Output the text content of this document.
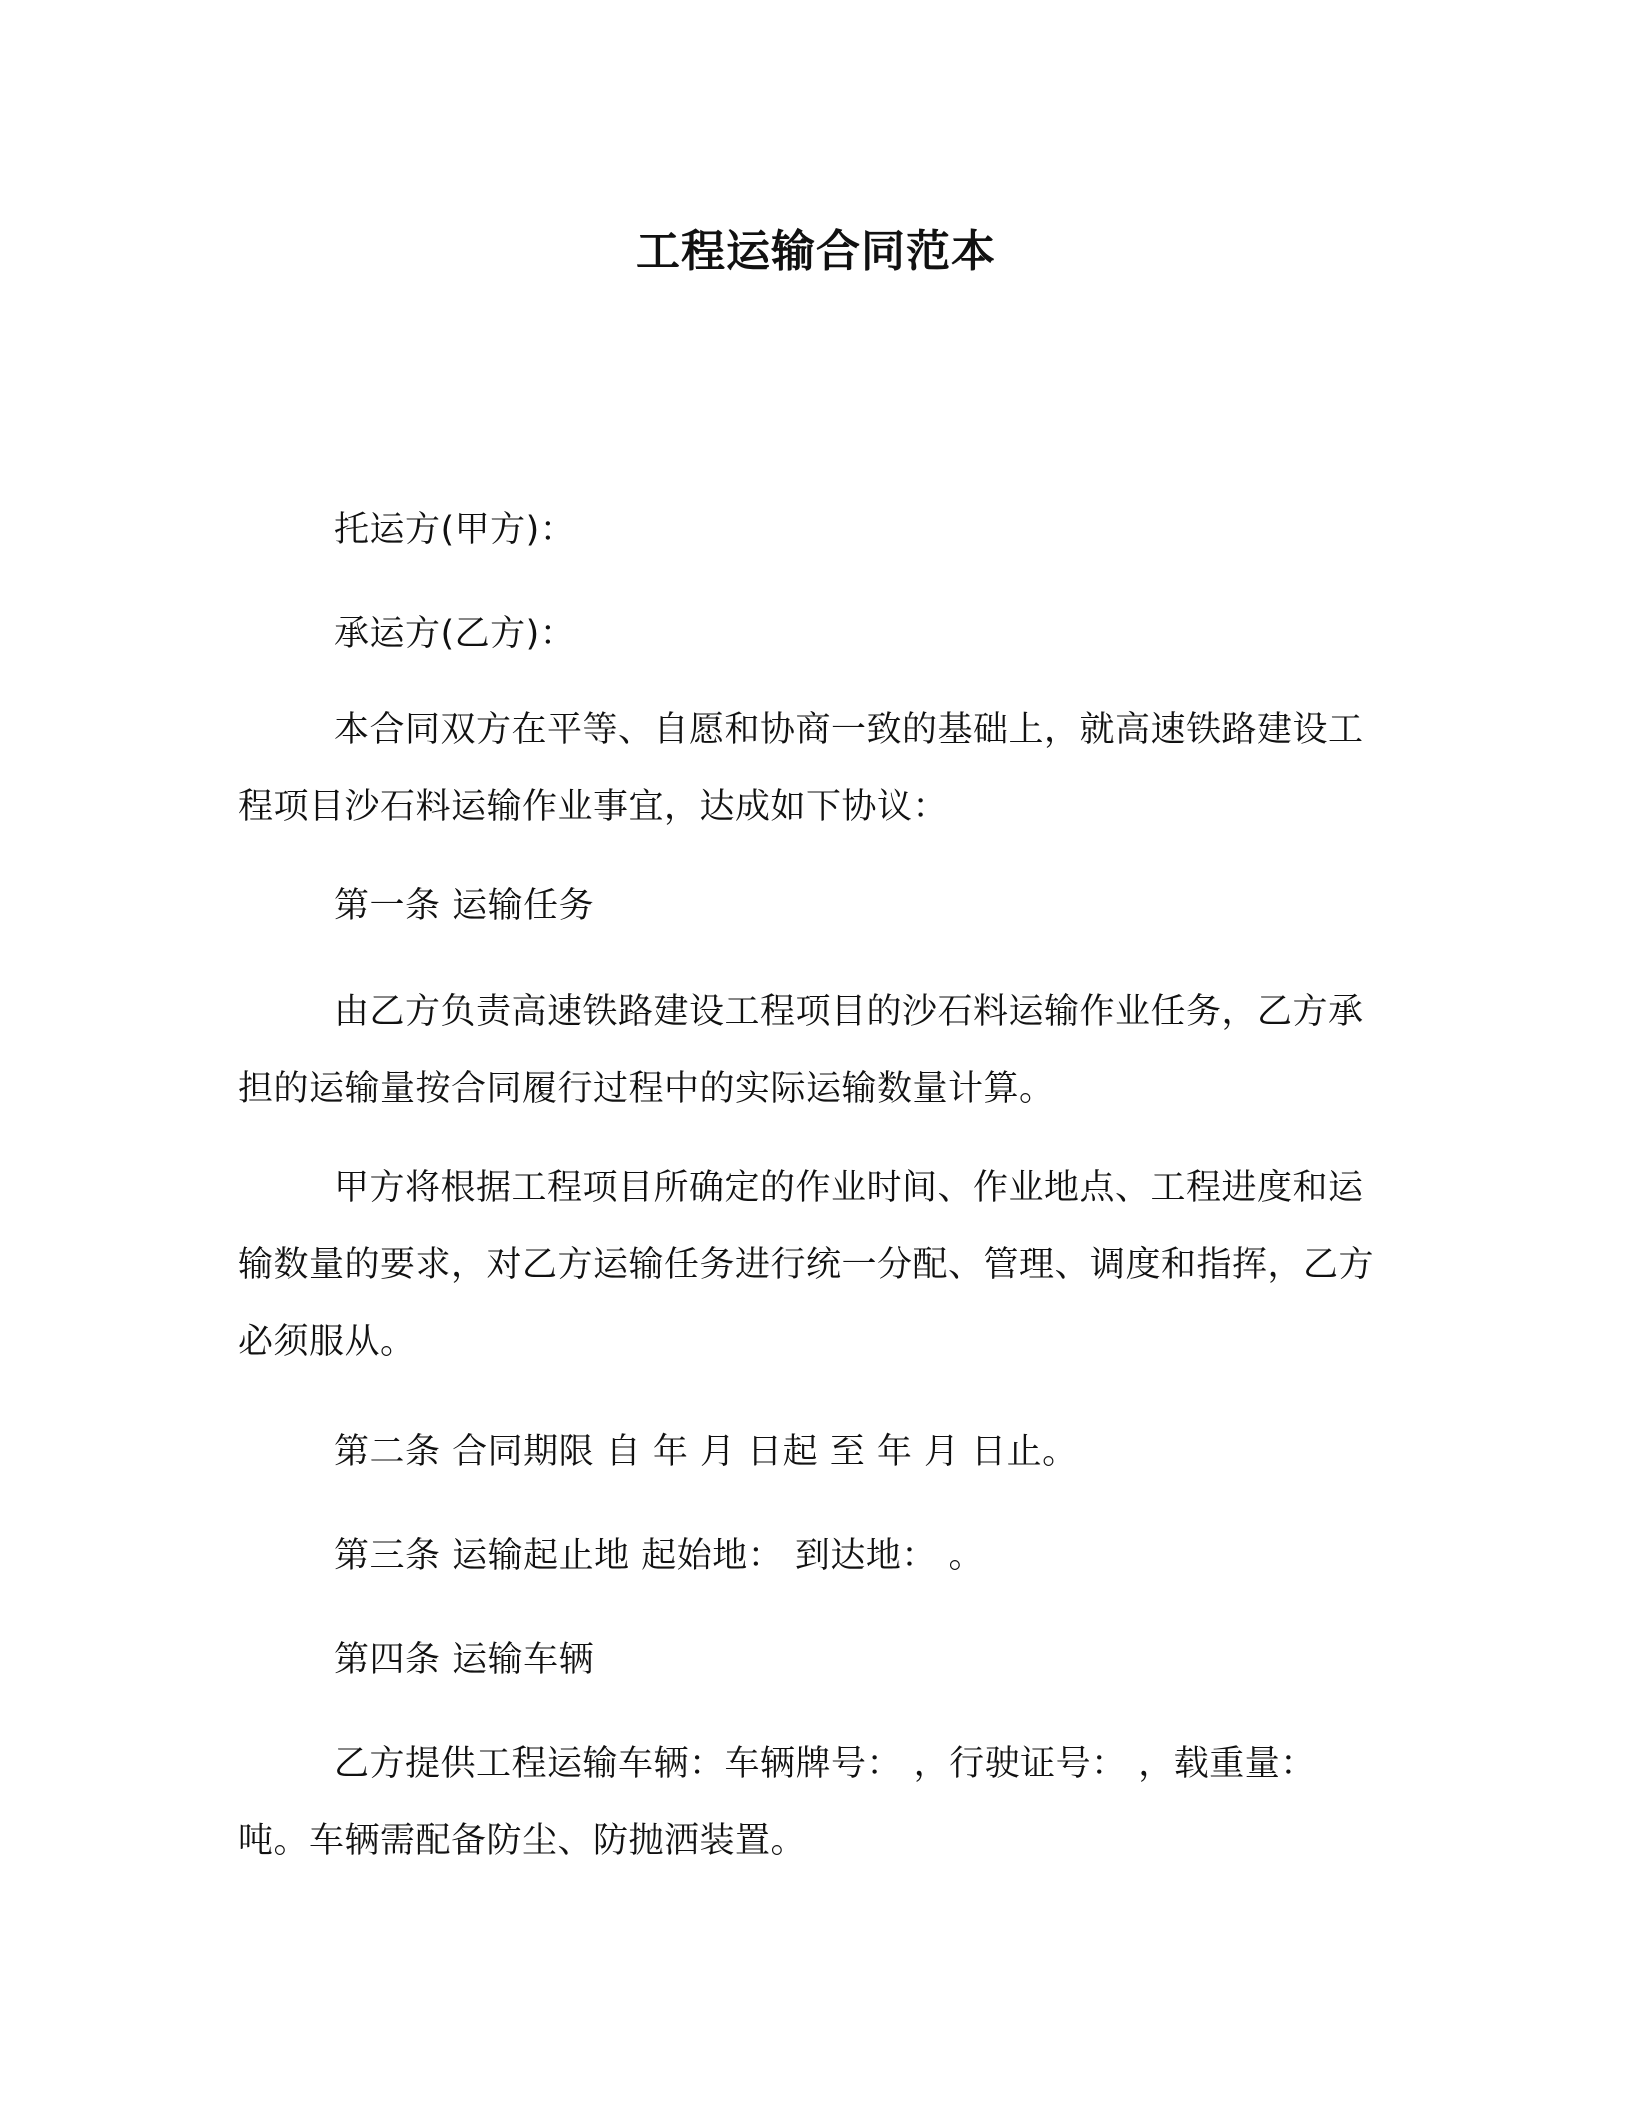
工程运输合同范本

托运方(甲方)：

承运方(乙方)：

本合同双方在平等、自愿和协商一致的基础上，就高速铁路建设工程项目沙石料运输作业事宜，达成如下协议：

第一条 运输任务

由乙方负责高速铁路建设工程项目的沙石料运输作业任务，乙方承担的运输量按合同履行过程中的实际运输数量计算。

甲方将根据工程项目所确定的作业时间、作业地点、工程进度和运输数量的要求，对乙方运输任务进行统一分配、管理、调度和指挥，乙方必须服从。

第二条 合同期限 自 年 月 日起 至 年 月 日止。

第三条 运输起止地 起始地： 到达地： 。

第四条 运输车辆

乙方提供工程运输车辆：车辆牌号： ，行驶证号： ，载重量： 吨。车辆需配备防尘、防抛洒装置。
